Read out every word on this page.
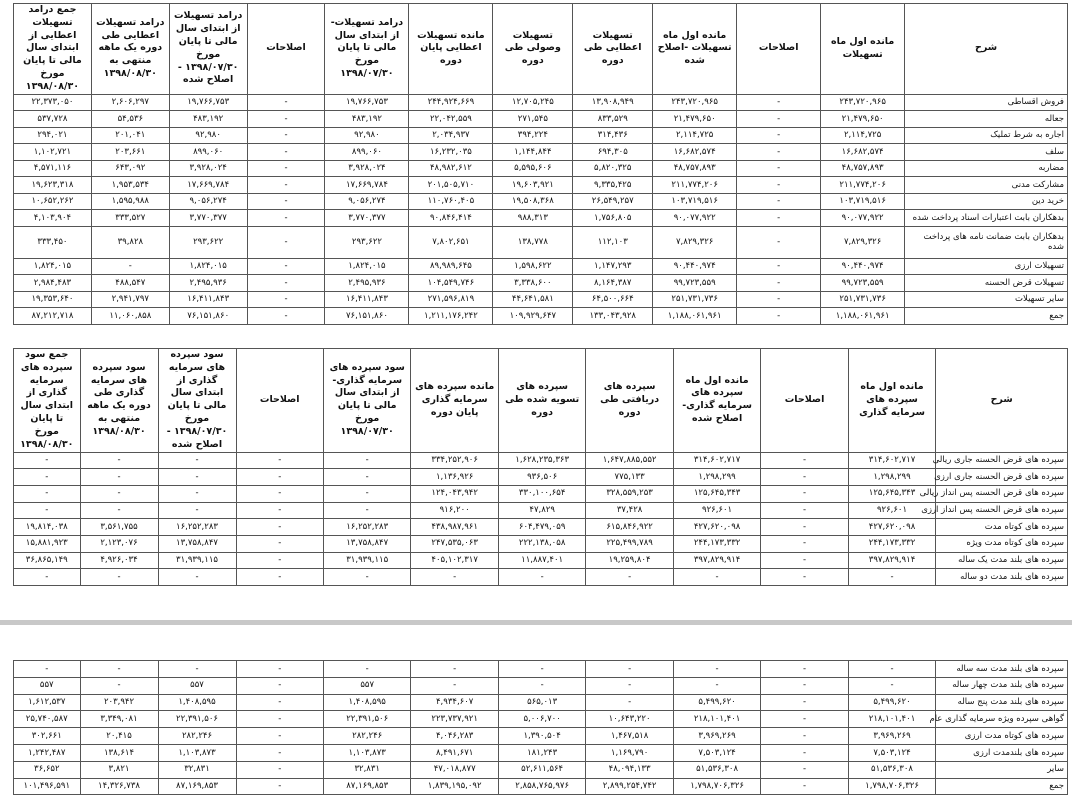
شرح	مانده اول ماه تسهیلات	اصلاحات	مانده اول ماه تسهیلات -اصلاح شده	تسهیلات اعطایی طی دوره	تسهیلات وصولی طی دوره	مانده تسهیلات اعطایی پایان دوره	درامد تسهیلات-از ابتدای سال مالی تا پایان مورخ ۱۳۹۸/۰۷/۳۰	اصلاحات	درامد تسهیلات از ابتدای سال مالی تا پایان مورخ ۱۳۹۸/۰۷/۳۰ - اصلاح شده	درامد تسهیلات اعطایی طی دوره یک ماهه منتهی به ۱۳۹۸/۰۸/۳۰	جمع درامد تسهیلات اعطایی از ابتدای سال مالی تا پایان مورخ ۱۳۹۸/۰۸/۳۰
فروش اقساطی	۲۴۳,۷۲۰,۹۶۵	-	۲۴۳,۷۲۰,۹۶۵	۱۳,۹۰۸,۹۴۹	۱۲,۷۰۵,۲۴۵	۲۴۴,۹۲۴,۶۶۹	۱۹,۷۶۶,۷۵۳	-	۱۹,۷۶۶,۷۵۳	۲,۶۰۶,۲۹۷	۲۲,۳۷۳,۰۵۰
جعاله	۲۱,۴۷۹,۶۵۰	-	۲۱,۴۷۹,۶۵۰	۸۳۳,۵۲۹	۲۷۱,۵۴۵	۲۲,۰۴۲,۵۵۹	۴۸۳,۱۹۲	-	۴۸۳,۱۹۲	۵۴,۵۳۶	۵۳۷,۷۲۸
اجاره به شرط تملیک	۲,۱۱۴,۷۲۵	-	۲,۱۱۴,۷۲۵	۳۱۴,۴۳۶	۳۹۴,۲۲۴	۲,۰۳۴,۹۳۷	۹۲,۹۸۰	-	۹۲,۹۸۰	۲۰۱,۰۴۱	۲۹۴,۰۲۱
سلف	۱۶,۶۸۲,۵۷۴	-	۱۶,۶۸۲,۵۷۴	۶۹۴,۳۰۵	۱,۱۴۴,۸۴۴	۱۶,۲۳۲,۰۳۵	۸۹۹,۰۶۰	-	۸۹۹,۰۶۰	۲۰۳,۶۶۱	۱,۱۰۲,۷۲۱
مضاربه	۴۸,۷۵۷,۸۹۳	-	۴۸,۷۵۷,۸۹۳	۵,۸۲۰,۳۲۵	۵,۵۹۵,۶۰۶	۴۸,۹۸۲,۶۱۲	۳,۹۲۸,۰۲۴	-	۳,۹۲۸,۰۲۴	۶۴۳,۰۹۲	۴,۵۷۱,۱۱۶
مشارکت مدنی	۲۱۱,۷۷۴,۲۰۶	-	۲۱۱,۷۷۴,۲۰۶	۹,۳۳۵,۴۲۵	۱۹,۶۰۳,۹۲۱	۲۰۱,۵۰۵,۷۱۰	۱۷,۶۶۹,۷۸۴	-	۱۷,۶۶۹,۷۸۴	۱,۹۵۳,۵۳۴	۱۹,۶۲۳,۳۱۸
خرید دین	۱۰۳,۷۱۹,۵۱۶	-	۱۰۳,۷۱۹,۵۱۶	۲۶,۵۴۹,۲۵۷	۱۹,۵۰۸,۳۶۸	۱۱۰,۷۶۰,۴۰۵	۹,۰۵۶,۲۷۴	-	۹,۰۵۶,۲۷۴	۱,۵۹۵,۹۸۸	۱۰,۶۵۲,۲۶۲
بدهکاران بابت اعتبارات اسناد پرداخت شده	۹۰,۰۷۷,۹۲۲	-	۹۰,۰۷۷,۹۲۲	۱,۷۵۶,۸۰۵	۹۸۸,۳۱۳	۹۰,۸۴۶,۴۱۴	۳,۷۷۰,۳۷۷	-	۳,۷۷۰,۳۷۷	۳۳۳,۵۲۷	۴,۱۰۳,۹۰۴
بدهکاران بابت ضمانت نامه های پرداخت شده	۷,۸۲۹,۳۲۶	-	۷,۸۲۹,۳۲۶	۱۱۲,۱۰۳	۱۳۸,۷۷۸	۷,۸۰۲,۶۵۱	۲۹۳,۶۲۲	-	۲۹۳,۶۲۲	۳۹,۸۲۸	۳۳۳,۴۵۰
تسهیلات ارزی	۹۰,۴۴۰,۹۷۴	-	۹۰,۴۴۰,۹۷۴	۱,۱۴۷,۲۹۳	۱,۵۹۸,۶۲۲	۸۹,۹۸۹,۶۴۵	۱,۸۲۴,۰۱۵	-	۱,۸۲۴,۰۱۵	-	۱,۸۲۴,۰۱۵
تسهیلات قرض الحسنه	۹۹,۷۲۳,۵۵۹	-	۹۹,۷۲۳,۵۵۹	۸,۱۶۴,۳۸۷	۳,۳۳۸,۶۰۰	۱۰۴,۵۴۹,۷۴۶	۲,۴۹۵,۹۳۶	-	۲,۴۹۵,۹۳۶	۴۸۸,۵۴۷	۲,۹۸۴,۴۸۳
سایر تسهیلات	۲۵۱,۷۳۱,۷۳۶	-	۲۵۱,۷۳۱,۷۳۶	۶۴,۵۰۰,۶۶۴	۴۴,۶۴۱,۵۸۱	۲۷۱,۵۹۶,۸۱۹	۱۶,۴۱۱,۸۴۳	-	۱۶,۴۱۱,۸۴۳	۲,۹۴۱,۷۹۷	۱۹,۳۵۳,۶۴۰
جمع	۱,۱۸۸,۰۶۱,۹۶۱	-	۱,۱۸۸,۰۶۱,۹۶۱	۱۳۳,۰۴۳,۹۲۸	۱۰۹,۹۲۹,۶۴۷	۱,۲۱۱,۱۷۶,۲۴۲	۷۶,۱۵۱,۸۶۰	-	۷۶,۱۵۱,۸۶۰	۱۱,۰۶۰,۸۵۸	۸۷,۲۱۲,۷۱۸
شرح	مانده اول ماه سپرده های سرمایه گذاری	اصلاحات	مانده اول ماه سپرده های سرمایه گذاری- اصلاح شده	سپرده های دریافتی طی دوره	سپرده های تسویه شده طی دوره	مانده سپرده های سرمایه گذاری پایان دوره	سود سپرده های سرمایه گذاری- از ابتدای سال مالی تا پایان مورخ ۱۳۹۸/۰۷/۳۰	اصلاحات	سود سپرده های سرمایه گذاری از ابتدای سال مالی تا پایان مورخ ۱۳۹۸/۰۷/۳۰ - اصلاح شده	سود سپرده های سرمایه گذاری طی دوره یک ماهه منتهی به ۱۳۹۸/۰۸/۳۰	جمع سود سپرده های سرمایه گذاری از ابتدای سال تا پایان مورخ ۱۳۹۸/۰۸/۳۰
سپرده های قرض الحسنه جاری ریالی	۳۱۴,۶۰۲,۷۱۷	-	۳۱۴,۶۰۲,۷۱۷	۱,۶۴۷,۸۸۵,۵۵۲	۱,۶۲۸,۲۳۵,۳۶۳	۳۳۴,۲۵۲,۹۰۶	-	-	-	-	-
سپرده های قرض الحسنه جاری ارزی	۱,۲۹۸,۲۹۹	-	۱,۲۹۸,۲۹۹	۷۷۵,۱۳۳	۹۳۶,۵۰۶	۱,۱۳۶,۹۲۶	-	-	-	-	-
سپرده های قرض الحسنه پس انداز ریالی	۱۲۵,۶۴۵,۳۴۳	-	۱۲۵,۶۴۵,۳۴۳	۳۲۸,۵۵۹,۲۵۳	۳۳۰,۱۰۰,۶۵۴	۱۲۴,۰۴۳,۹۴۲	-	-	-	-	-
سپرده های قرض الحسنه پس انداز ارزی	۹۲۶,۶۰۱	-	۹۲۶,۶۰۱	۳۷,۴۲۸	۴۷,۸۲۹	۹۱۶,۲۰۰	-	-	-	-	-
سپرده های کوتاه مدت	۴۲۷,۶۲۰,۰۹۸	-	۴۲۷,۶۲۰,۰۹۸	۶۱۵,۸۴۶,۹۲۲	۶۰۴,۴۷۹,۰۵۹	۴۳۸,۹۸۷,۹۶۱	۱۶,۲۵۲,۲۸۳	-	۱۶,۲۵۲,۲۸۳	۳,۵۶۱,۷۵۵	۱۹,۸۱۴,۰۳۸
سپرده های کوتاه مدت ویژه	۲۴۴,۱۷۳,۳۳۲	-	۲۴۴,۱۷۳,۳۳۲	۲۲۵,۴۹۹,۷۸۹	۲۲۲,۱۳۸,۰۵۸	۲۴۷,۵۳۵,۰۶۳	۱۳,۷۵۸,۸۴۷	-	۱۳,۷۵۸,۸۴۷	۲,۱۲۳,۰۷۶	۱۵,۸۸۱,۹۲۳
سپرده های بلند مدت یک ساله	۳۹۷,۸۲۹,۹۱۴	-	۳۹۷,۸۲۹,۹۱۴	۱۹,۲۵۹,۸۰۴	۱۱,۸۸۷,۴۰۱	۴۰۵,۱۰۲,۳۱۷	۳۱,۹۳۹,۱۱۵	-	۳۱,۹۳۹,۱۱۵	۴,۹۲۶,۰۳۴	۳۶,۸۶۵,۱۴۹
سپرده های بلند مدت دو ساله	-	-	-	-	-	-	-	-	-	-	-
سپرده های بلند مدت سه ساله	-	-	-	-	-	-	-	-	-	-	-
سپرده های بلند مدت چهار ساله	-	-	-	-	-	-	۵۵۷	-	۵۵۷	-	۵۵۷
سپرده های بلند مدت پنج ساله	۵,۴۹۹,۶۲۰	-	۵,۴۹۹,۶۲۰	-	۵۶۵,۰۱۳	۴,۹۳۴,۶۰۷	۱,۴۰۸,۵۹۵	-	۱,۴۰۸,۵۹۵	۲۰۳,۹۴۲	۱,۶۱۲,۵۳۷
گواهی سپرده ویژه سرمایه گذاری عام	۲۱۸,۱۰۱,۴۰۱	-	۲۱۸,۱۰۱,۴۰۱	۱۰,۶۴۳,۲۲۰	۵,۰۰۶,۷۰۰	۲۲۳,۷۳۷,۹۲۱	۲۲,۳۹۱,۵۰۶	-	۲۲,۳۹۱,۵۰۶	۳,۳۴۹,۰۸۱	۲۵,۷۴۰,۵۸۷
سپرده های کوتاه مدت ارزی	۳,۹۶۹,۲۶۹	-	۳,۹۶۹,۲۶۹	۱,۴۶۷,۵۱۸	۱,۳۹۰,۵۰۴	۴,۰۴۶,۲۸۳	۲۸۲,۲۴۶	-	۲۸۲,۲۴۶	۲۰,۴۱۵	۳۰۲,۶۶۱
سپرده های بلندمدت ارزی	۷,۵۰۳,۱۲۴	-	۷,۵۰۳,۱۲۴	۱,۱۶۹,۷۹۰	۱۸۱,۲۴۳	۸,۴۹۱,۶۷۱	۱,۱۰۳,۸۷۳	-	۱,۱۰۳,۸۷۳	۱۳۸,۶۱۴	۱,۲۴۲,۴۸۷
سایر	۵۱,۵۳۶,۳۰۸	-	۵۱,۵۳۶,۳۰۸	۴۸,۰۹۴,۱۳۳	۵۲,۶۱۱,۵۶۴	۴۷,۰۱۸,۸۷۷	۳۲,۸۳۱	-	۳۲,۸۳۱	۳,۸۲۱	۳۶,۶۵۲
جمع	۱,۷۹۸,۷۰۶,۳۲۶	-	۱,۷۹۸,۷۰۶,۳۲۶	۲,۸۹۹,۲۵۴,۷۴۲	۲,۸۵۸,۷۶۵,۹۷۶	۱,۸۳۹,۱۹۵,۰۹۲	۸۷,۱۶۹,۸۵۳	-	۸۷,۱۶۹,۸۵۳	۱۴,۳۲۶,۷۳۸	۱۰۱,۴۹۶,۵۹۱
